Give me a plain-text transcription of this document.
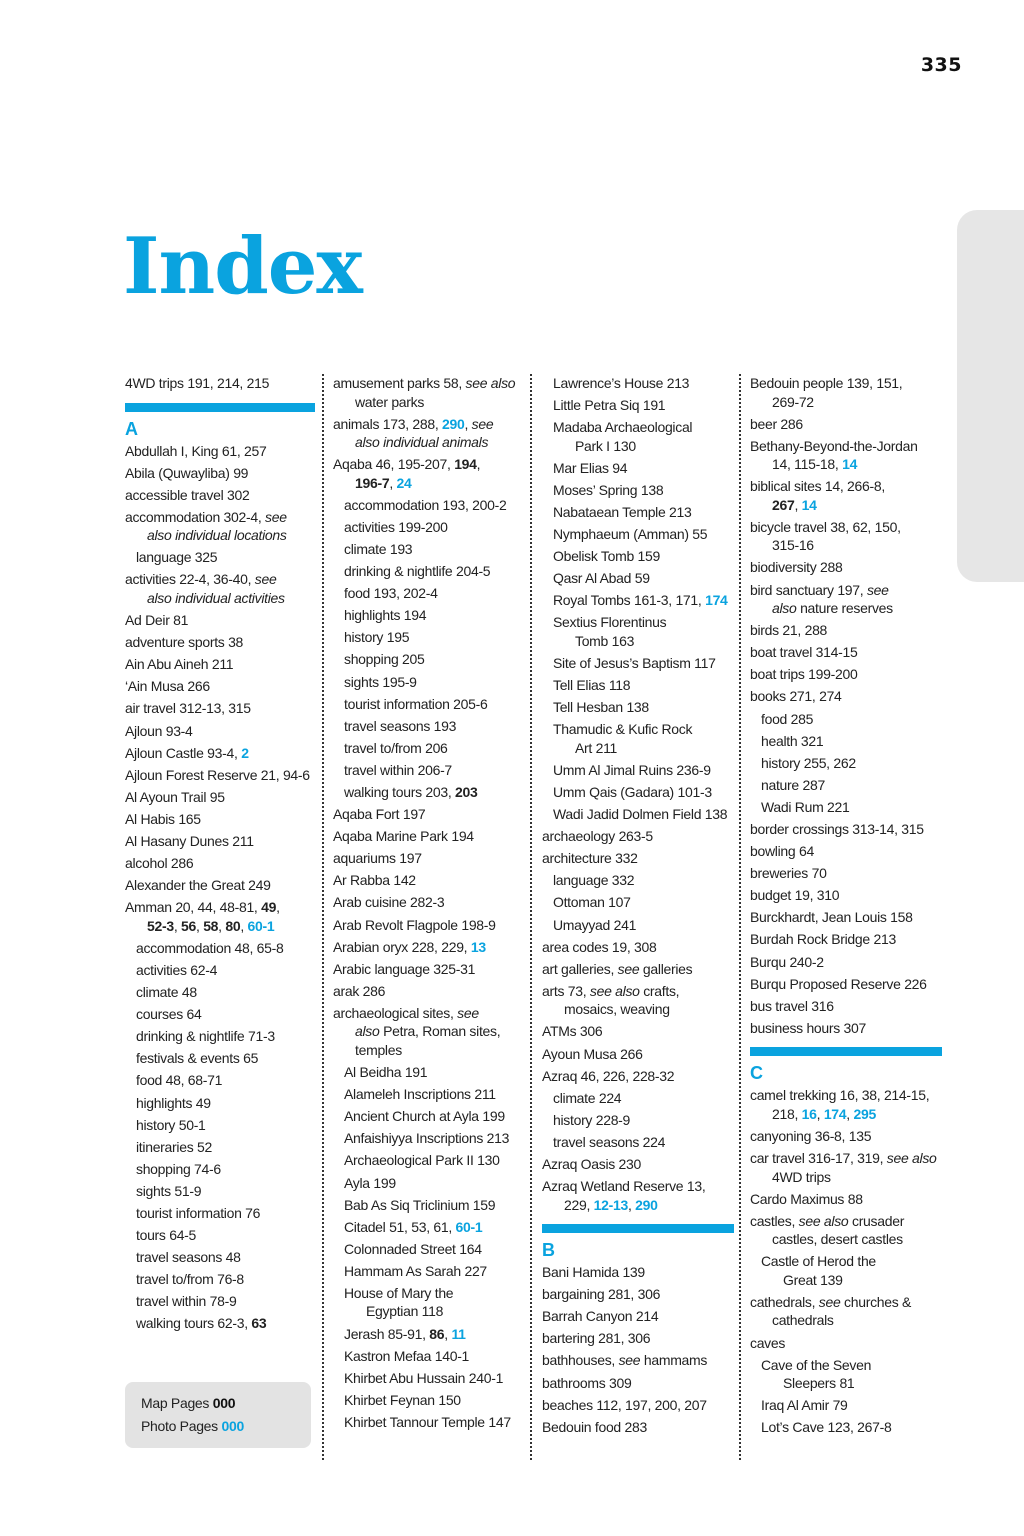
335
Index
4WD trips 191, 214, 215
A
Abdullah I, King 61, 257
Abila (Quwayliba) 99
accessible travel 302
accommodation 302-4, see
also individual locations
language 325
activities 22-4, 36-40, see
also individual activities
Ad Deir 81
adventure sports 38
Ain Abu Aineh 211
‘Ain Musa 266
air travel 312-13, 315
Ajloun 93-4
Ajloun Castle 93-4, 2
Ajloun Forest Reserve 21, 94-6
Al Ayoun Trail 95
Al Habis 165
Al Hasany Dunes 211
alcohol 286
Alexander the Great 249
Amman 20, 44, 48-81, 49,
52-3, 56, 58, 80, 60-1
accommodation 48, 65-8
activities 62-4
climate 48
courses 64
drinking & nightlife 71-3
festivals & events 65
food 48, 68-71
highlights 49
history 50-1
itineraries 52
shopping 74-6
sights 51-9
tourist information 76
tours 64-5
travel seasons 48
travel to/from 76-8
travel within 78-9
walking tours 62-3, 63
amusement parks 58, see also
water parks
animals 173, 288, 290, see
also individual animals
Aqaba 46, 195-207, 194,
196-7, 24
accommodation 193, 200-2
activities 199-200
climate 193
drinking & nightlife 204-5
food 193, 202-4
highlights 194
history 195
shopping 205
sights 195-9
tourist information 205-6
travel seasons 193
travel to/from 206
travel within 206-7
walking tours 203, 203
Aqaba Fort 197
Aqaba Marine Park 194
aquariums 197
Ar Rabba 142
Arab cuisine 282-3
Arab Revolt Flagpole 198-9
Arabian oryx 228, 229, 13
Arabic language 325-31
arak 286
archaeological sites, see
also Petra, Roman sites,
temples
Al Beidha 191
Alameleh Inscriptions 211
Ancient Church at Ayla 199
Anfaishiyya Inscriptions 213
Archaeological Park II 130
Ayla 199
Bab As Siq Triclinium 159
Citadel 51, 53, 61, 60-1
Colonnaded Street 164
Hammam As Sarah 227
House of Mary the
Egyptian 118
Jerash 85-91, 86, 11
Kastron Mefaa 140-1
Khirbet Abu Hussain 240-1
Khirbet Feynan 150
Khirbet Tannour Temple 147
Lawrence’s House 213
Little Petra Siq 191
Madaba Archaeological
Park I 130
Mar Elias 94
Moses’ Spring 138
Nabataean Temple 213
Nymphaeum (Amman) 55
Obelisk Tomb 159
Qasr Al Abad 59
Royal Tombs 161-3, 171, 174
Sextius Florentinus
Tomb 163
Site of Jesus’s Baptism 117
Tell Elias 118
Tell Hesban 138
Thamudic & Kufic Rock
Art 211
Umm Al Jimal Ruins 236-9
Umm Qais (Gadara) 101-3
Wadi Jadid Dolmen Field 138
archaeology 263-5
architecture 332
language 332
Ottoman 107
Umayyad 241
area codes 19, 308
art galleries, see galleries
arts 73, see also crafts,
mosaics, weaving
ATMs 306
Ayoun Musa 266
Azraq 46, 226, 228-32
climate 224
history 228-9
travel seasons 224
Azraq Oasis 230
Azraq Wetland Reserve 13,
229, 12-13, 290
B
Bani Hamida 139
bargaining 281, 306
Barrah Canyon 214
bartering 281, 306
bathhouses, see hammams
bathrooms 309
beaches 112, 197, 200, 207
Bedouin food 283
Bedouin people 139, 151,
269-72
beer 286
Bethany-Beyond-the-Jordan
14, 115-18, 14
biblical sites 14, 266-8,
267, 14
bicycle travel 38, 62, 150,
315-16
biodiversity 288
bird sanctuary 197, see
also nature reserves
birds 21, 288
boat travel 314-15
boat trips 199-200
books 271, 274
food 285
health 321
history 255, 262
nature 287
Wadi Rum 221
border crossings 313-14, 315
bowling 64
breweries 70
budget 19, 310
Burckhardt, Jean Louis 158
Burdah Rock Bridge 213
Burqu 240-2
Burqu Proposed Reserve 226
bus travel 316
business hours 307
C
camel trekking 16, 38, 214-15,
218, 16, 174, 295
canyoning 36-8, 135
car travel 316-17, 319, see also
4WD trips
Cardo Maximus 88
castles, see also crusader
castles, desert castles
Castle of Herod the
Great 139
cathedrals, see churches &
cathedrals
caves
Cave of the Seven
Sleepers 81
Iraq Al Amir 79
Lot’s Cave 123, 267-8
Map Pages 000
Photo Pages 000
